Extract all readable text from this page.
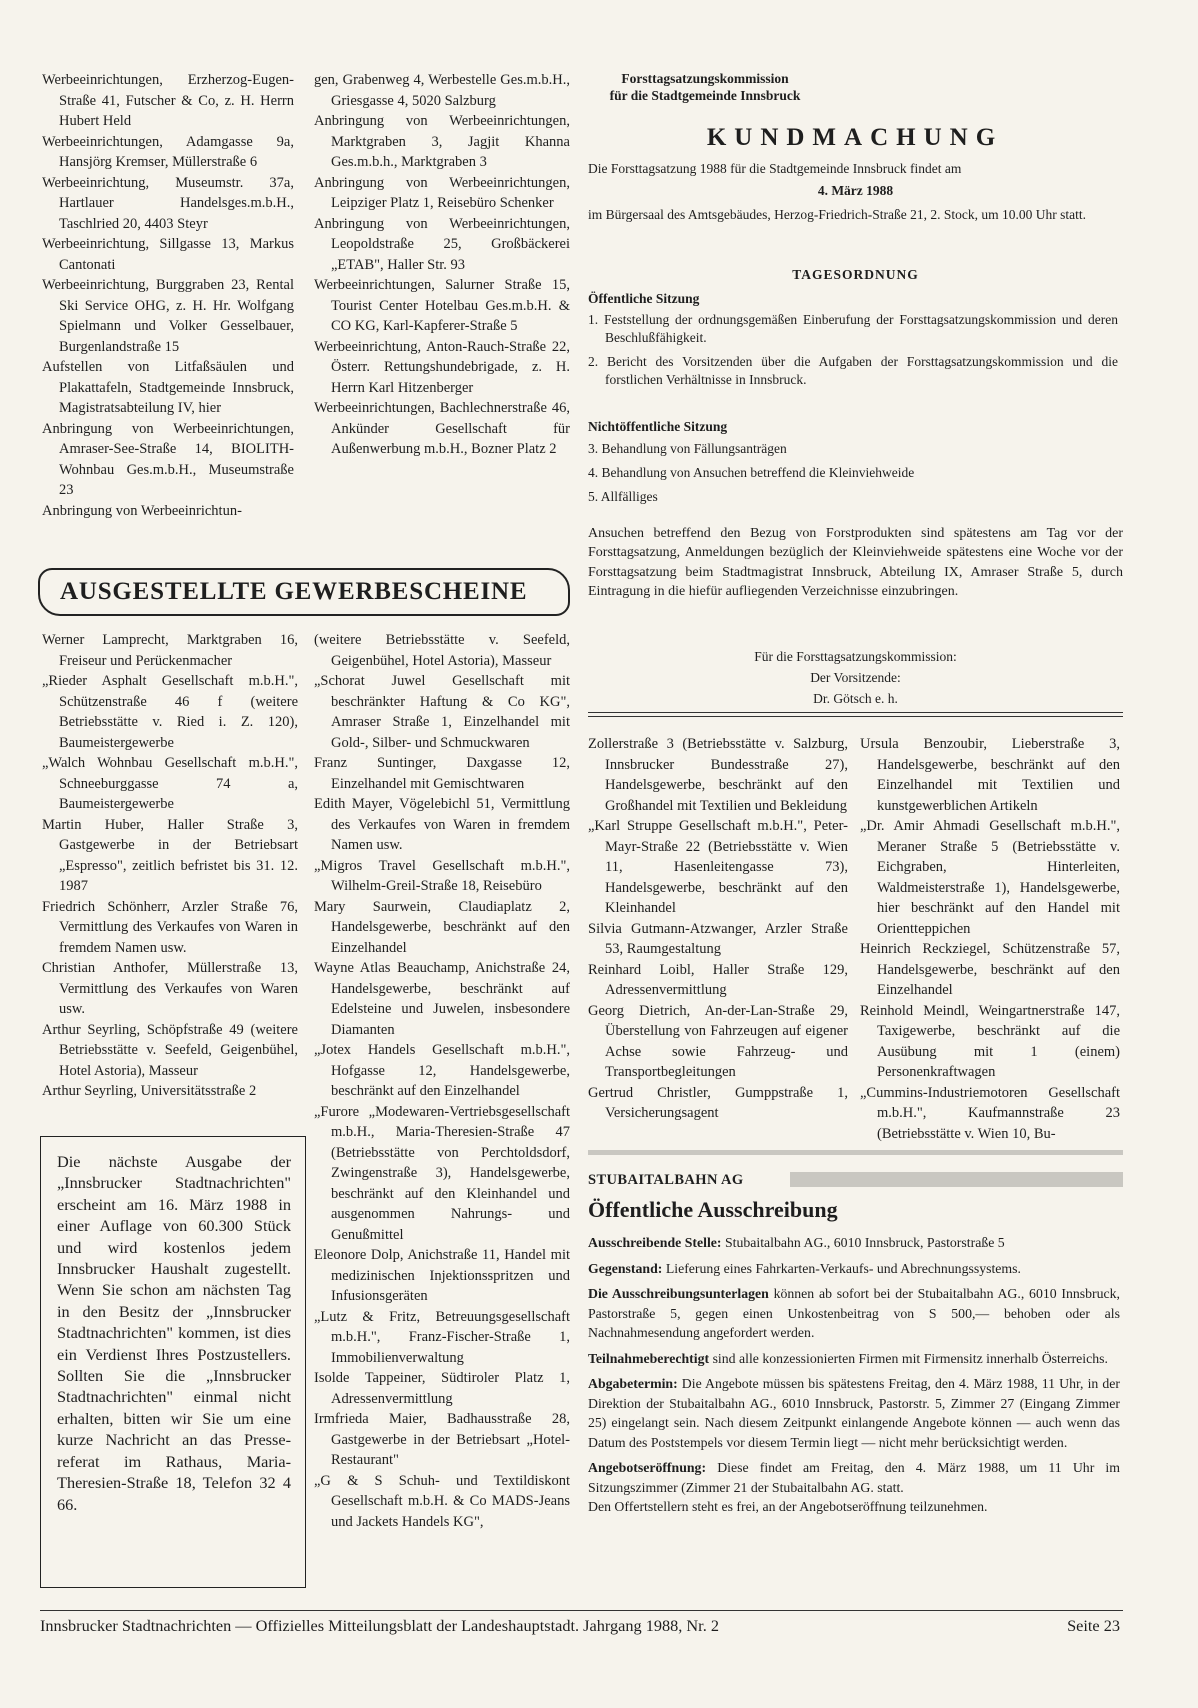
Werbeeinrichtungen, Erzherzog-Eugen-Straße 41, Futscher & Co, z. H. Herrn Hubert Held

Werbeeinrichtungen, Adamgasse 9a, Hansjörg Kremser, Müllerstraße 6

Werbeeinrichtung, Museumstr. 37a, Hartlauer Handelsges.m.b.H., Taschlried 20, 4403 Steyr

Werbeeinrichtung, Sillgasse 13, Markus Cantonati

Werbeeinrichtung, Burggraben 23, Rental Ski Service OHG, z. H. Hr. Wolfgang Spielmann und Volker Gesselbauer, Burgenlandstraße 15

Aufstellen von Litfaßsäulen und Plakattafeln, Stadtgemeinde Innsbruck, Magistratsabteilung IV, hier

Anbringung von Werbeeinrichtungen, Amraser-See-Straße 14, BIOLITH-Wohnbau Ges.m.b.H., Museumstraße 23

Anbringung von Werbeeinrichtun-

gen, Grabenweg 4, Werbestelle Ges.m.b.H., Griesgasse 4, 5020 Salzburg

Anbringung von Werbeeinrichtungen, Marktgraben 3, Jagjit Khanna Ges.m.b.h., Marktgraben 3

Anbringung von Werbeeinrichtungen, Leipziger Platz 1, Reisebüro Schenker

Anbringung von Werbeeinrichtungen, Leopoldstraße 25, Großbäckerei „ETAB", Haller Str. 93

Werbeeinrichtungen, Salurner Straße 15, Tourist Center Hotelbau Ges.m.b.H. & CO KG, Karl-Kapferer-Straße 5

Werbeeinrichtung, Anton-Rauch-Straße 22, Österr. Rettungshundebrigade, z. H. Herrn Karl Hitzenberger

Werbeeinrichtungen, Bachlechnerstraße 46, Ankünder Gesellschaft für Außenwerbung m.b.H., Bozner Platz 2

AUSGESTELLTE GEWERBESCHEINE

Werner Lamprecht, Marktgraben 16, Freiseur und Perückenmacher

„Rieder Asphalt Gesellschaft m.b.H.", Schützenstraße 46 f (weitere Betriebsstätte v. Ried i. Z. 120), Baumeistergewerbe

„Walch Wohnbau Gesellschaft m.b.H.", Schneeburggasse 74 a, Baumeistergewerbe

Martin Huber, Haller Straße 3, Gastgewerbe in der Betriebsart „Espresso", zeitlich befristet bis 31. 12. 1987

Friedrich Schönherr, Arzler Straße 76, Vermittlung des Verkaufes von Waren in fremdem Namen usw.

Christian Anthofer, Müllerstraße 13, Vermittlung des Verkaufes von Waren usw.

Arthur Seyrling, Schöpfstraße 49 (weitere Betriebsstätte v. Seefeld, Geigenbühel, Hotel Astoria), Masseur

Arthur Seyrling, Universitätsstraße 2

Die nächste Ausgabe der „Innsbrucker Stadtnachrichten" erscheint am 16. März 1988 in einer Auflage von 60.300 Stück und wird kostenlos jedem Innsbrucker Haushalt zugestellt. Wenn Sie schon am nächsten Tag in den Besitz der „Innsbrucker Stadtnachrichten" kommen, ist dies ein Verdienst Ihres Postzustellers. Sollten Sie die „Innsbrucker Stadtnachrichten" einmal nicht erhalten, bitten wir Sie um eine kurze Nachricht an das Presse-referat im Rathaus, Maria-Theresien-Straße 18, Telefon 32 4 66.

(weitere Betriebsstätte v. Seefeld, Geigenbühel, Hotel Astoria), Masseur

„Schorat Juwel Gesellschaft mit beschränkter Haftung & Co KG", Amraser Straße 1, Einzelhandel mit Gold-, Silber- und Schmuckwaren

Franz Suntinger, Daxgasse 12, Einzelhandel mit Gemischtwaren

Edith Mayer, Vögelebichl 51, Vermittlung des Verkaufes von Waren in fremdem Namen usw.

„Migros Travel Gesellschaft m.b.H.", Wilhelm-Greil-Straße 18, Reisebüro

Mary Saurwein, Claudiaplatz 2, Handelsgewerbe, beschränkt auf den Einzelhandel

Wayne Atlas Beauchamp, Anichstraße 24, Handelsgewerbe, beschränkt auf Edelsteine und Juwelen, insbesondere Diamanten

„Jotex Handels Gesellschaft m.b.H.", Hofgasse 12, Handelsgewerbe, beschränkt auf den Einzelhandel

„Furore „Modewaren-Vertriebsgesellschaft m.b.H., Maria-Theresien-Straße 47 (Betriebsstätte von Perchtoldsdorf, Zwingenstraße 3), Handelsgewerbe, beschränkt auf den Kleinhandel und ausgenommen Nahrungs- und Genußmittel

Eleonore Dolp, Anichstraße 11, Handel mit medizinischen Injektionsspritzen und Infusionsgeräten

„Lutz & Fritz, Betreuungsgesellschaft m.b.H.", Franz-Fischer-Straße 1, Immobilienverwaltung

Isolde Tappeiner, Südtiroler Platz 1, Adressenvermittlung

Irmfrieda Maier, Badhausstraße 28, Gastgewerbe in der Betriebsart „Hotel-Restaurant"

„G & S Schuh- und Textildiskont Gesellschaft m.b.H. & Co MADS-Jeans und Jackets Handels KG",

Forsttagsatzungskommission
für die Stadtgemeinde Innsbruck
KUNDMACHUNG
Die Forsttagsatzung 1988 für die Stadtgemeinde Innsbruck findet am
4. März 1988
im Bürgersaal des Amtsgebäudes, Herzog-Friedrich-Straße 21, 2. Stock, um 10.00 Uhr statt.
TAGESORDNUNG
Öffentliche Sitzung

1. Feststellung der ordnungsgemäßen Einberufung der Forsttagsatzungskommission und deren Beschlußfähigkeit.

2. Bericht des Vorsitzenden über die Aufgaben der Forsttagsatzungskommission und die forstlichen Verhältnisse in Innsbruck.

Nichtöffentliche Sitzung
3. Behandlung von Fällungsanträgen
4. Behandlung von Ansuchen betreffend die Kleinviehweide
5. Allfälliges
Ansuchen betreffend den Bezug von Forstprodukten sind spätestens am Tag vor der Forsttagsatzung, Anmeldungen bezüglich der Kleinviehweide spätestens eine Woche vor der Forsttagsatzung beim Stadtmagistrat Innsbruck, Abteilung IX, Amraser Straße 5, durch Eintragung in die hiefür aufliegenden Verzeichnisse einzubringen.
Für die Forsttagsatzungskommission:
Der Vorsitzende:
Dr. Götsch e. h.

Zollerstraße 3 (Betriebsstätte v. Salzburg, Innsbrucker Bundesstraße 27), Handelsgewerbe, beschränkt auf den Großhandel mit Textilien und Bekleidung

„Karl Struppe Gesellschaft m.b.H.", Peter-Mayr-Straße 22 (Betriebsstätte v. Wien 11, Hasenleitengasse 73), Handelsgewerbe, beschränkt auf den Kleinhandel

Silvia Gutmann-Atzwanger, Arzler Straße 53, Raumgestaltung

Reinhard Loibl, Haller Straße 129, Adressenvermittlung

Georg Dietrich, An-der-Lan-Straße 29, Überstellung von Fahrzeugen auf eigener Achse sowie Fahrzeug- und Transportbegleitungen

Gertrud Christler, Gumppstraße 1, Versicherungsagent

Ursula Benzoubir, Lieberstraße 3, Handelsgewerbe, beschränkt auf den Einzelhandel mit Textilien und kunstgewerblichen Artikeln

„Dr. Amir Ahmadi Gesellschaft m.b.H.", Meraner Straße 5 (Betriebsstätte v. Eichgraben, Hinterleiten, Waldmeisterstraße 1), Handelsgewerbe, hier beschränkt auf den Handel mit Orientteppichen

Heinrich Reckziegel, Schützenstraße 57, Handelsgewerbe, beschränkt auf den Einzelhandel

Reinhold Meindl, Weingartnerstraße 147, Taxigewerbe, beschränkt auf die Ausübung mit 1 (einem) Personenkraftwagen

„Cummins-Industriemotoren Gesellschaft m.b.H.", Kaufmannstraße 23 (Betriebsstätte v. Wien 10, Bu-

STUBAITALBAHN AG
Öffentliche Ausschreibung

Ausschreibende Stelle: Stubaitalbahn AG., 6010 Innsbruck, Pastorstraße 5

Gegenstand: Lieferung eines Fahrkarten-Verkaufs- und Abrechnungssystems.

Die Ausschreibungsunterlagen können ab sofort bei der Stubaitalbahn AG., 6010 Innsbruck, Pastorstraße 5, gegen einen Unkostenbeitrag von S 500,— behoben oder als Nachnahmesendung angefordert werden.

Teilnahmeberechtigt sind alle konzessionierten Firmen mit Firmensitz innerhalb Österreichs.

Abgabetermin: Die Angebote müssen bis spätestens Freitag, den 4. März 1988, 11 Uhr, in der Direktion der Stubaitalbahn AG., 6010 Innsbruck, Pastorstr. 5, Zimmer 27 (Eingang Zimmer 25) eingelangt sein. Nach diesem Zeitpunkt einlangende Angebote können — auch wenn das Datum des Poststempels vor diesem Termin liegt — nicht mehr berücksichtigt werden.

Angebotseröffnung: Diese findet am Freitag, den 4. März 1988, um 11 Uhr im Sitzungszimmer (Zimmer 21 der Stubaitalbahn AG. statt.

Den Offertstellern steht es frei, an der Angebotseröffnung teilzunehmen.

Innsbrucker Stadtnachrichten — Offizielles Mitteilungsblatt der Landeshauptstadt. Jahrgang 1988, Nr. 2	Seite 23
